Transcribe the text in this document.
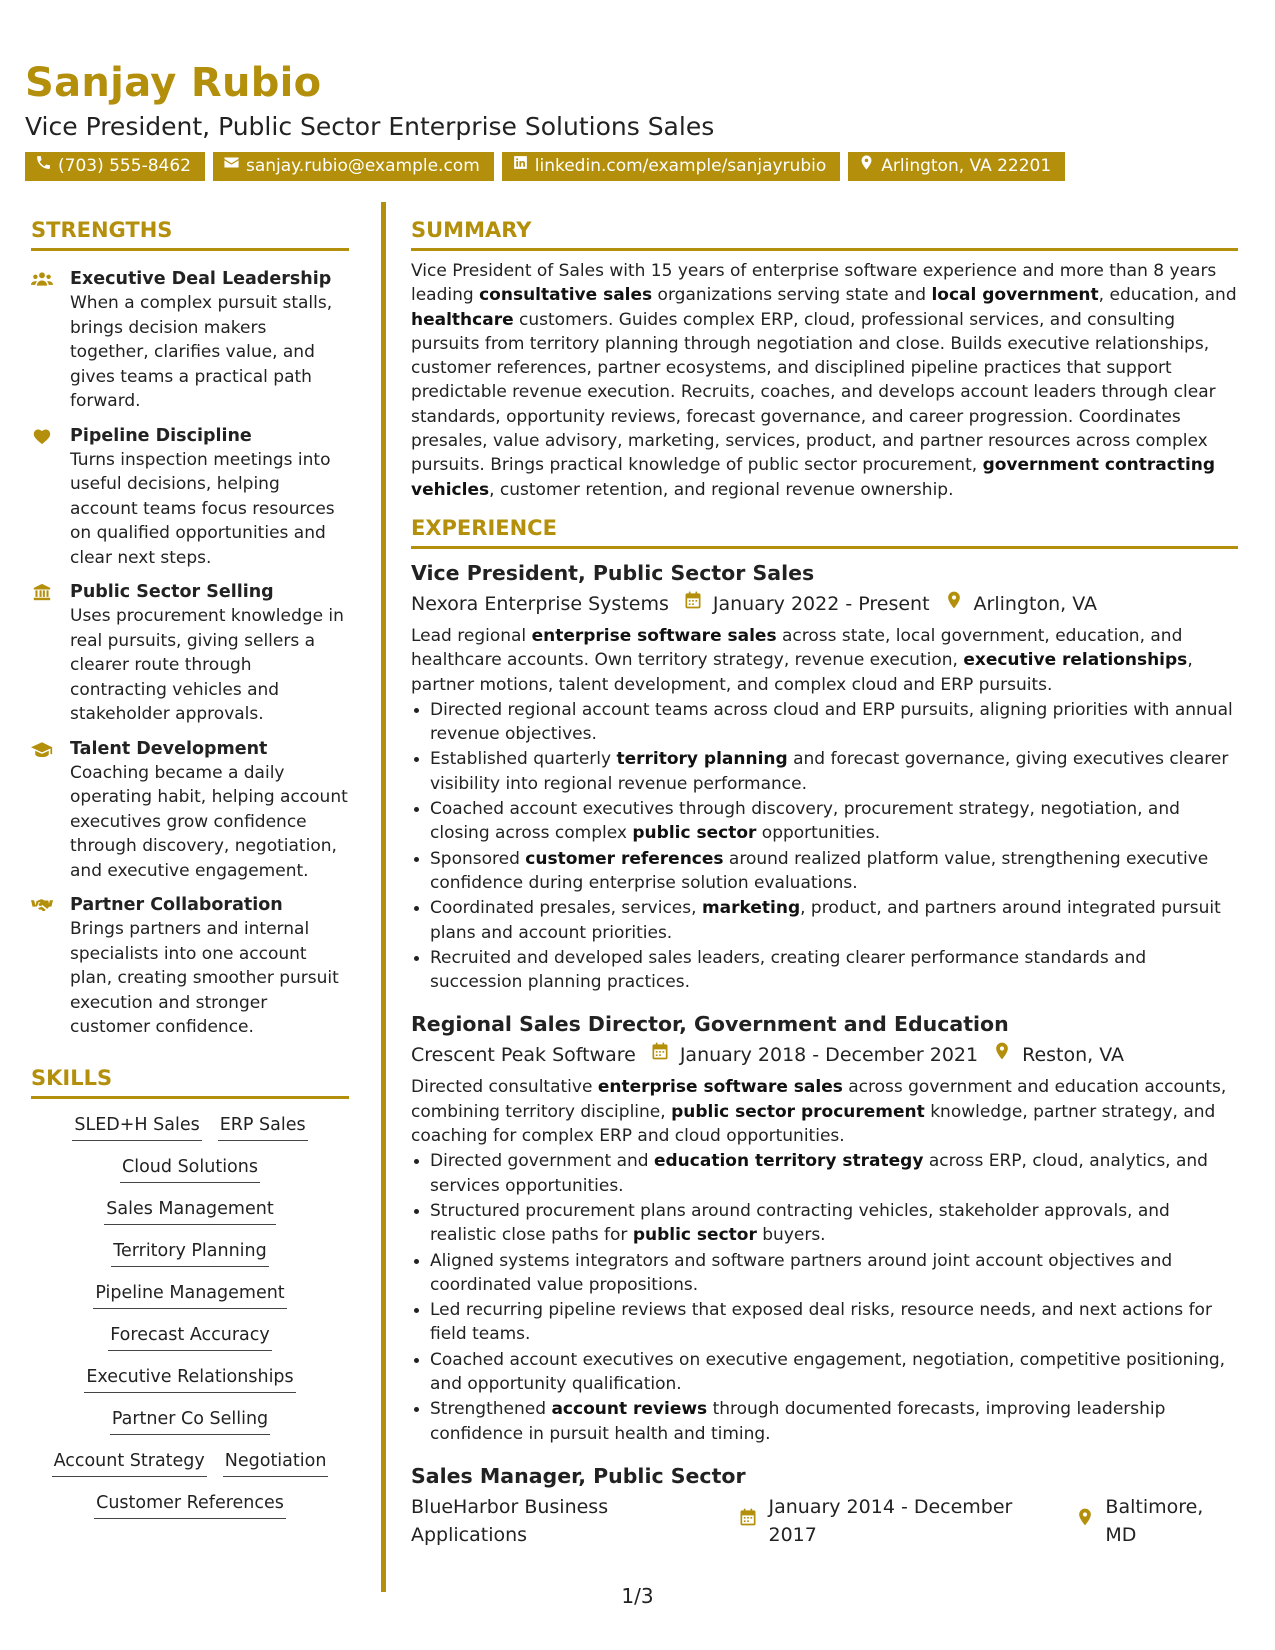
Sanjay Rubio
Vice President, Public Sector Enterprise Solutions Sales
(703) 555-8462	sanjay.rubio@example.com	linkedin.com/example/sanjayrubio	Arlington, VA 22201
STRENGTHS
Executive Deal Leadership
When a complex pursuit stalls, brings decision makers together, clarifies value, and gives teams a practical path forward.
Pipeline Discipline
Turns inspection meetings into useful decisions, helping account teams focus resources on qualified opportunities and clear next steps.
Public Sector Selling
Uses procurement knowledge in real pursuits, giving sellers a clearer route through contracting vehicles and stakeholder approvals.
Talent Development
Coaching became a daily operating habit, helping account executives grow confidence through discovery, negotiation, and executive engagement.
Partner Collaboration
Brings partners and internal specialists into one account plan, creating smoother pursuit execution and stronger customer confidence.
SKILLS
SLED+H Sales ERP Sales
Cloud Solutions
Sales Management
Territory Planning
Pipeline Management
Forecast Accuracy
Executive Relationships
Partner Co Selling
Account Strategy Negotiation
Customer References
SUMMARY
Vice President of Sales with 15 years of enterprise software experience and more than 8 years leading consultative sales organizations serving state and local government, education, and healthcare customers. Guides complex ERP, cloud, professional services, and consulting pursuits from territory planning through negotiation and close. Builds executive relationships, customer references, partner ecosystems, and disciplined pipeline practices that support predictable revenue execution. Recruits, coaches, and develops account leaders through clear standards, opportunity reviews, forecast governance, and career progression. Coordinates presales, value advisory, marketing, services, product, and partner resources across complex pursuits. Brings practical knowledge of public sector procurement, government contracting vehicles, customer retention, and regional revenue ownership.
EXPERIENCE
Vice President, Public Sector Sales
Nexora Enterprise Systems January 2022 - Present Arlington, VA
Lead regional enterprise software sales across state, local government, education, and healthcare accounts. Own territory strategy, revenue execution, executive relationships, partner motions, talent development, and complex cloud and ERP pursuits.
Directed regional account teams across cloud and ERP pursuits, aligning priorities with annual revenue objectives.
Established quarterly territory planning and forecast governance, giving executives clearer visibility into regional revenue performance.
Coached account executives through discovery, procurement strategy, negotiation, and closing across complex public sector opportunities.
Sponsored customer references around realized platform value, strengthening executive confidence during enterprise solution evaluations.
Coordinated presales, services, marketing, product, and partners around integrated pursuit plans and account priorities.
Recruited and developed sales leaders, creating clearer performance standards and succession planning practices.
Regional Sales Director, Government and Education
Crescent Peak Software January 2018 - December 2021 Reston, VA
Directed consultative enterprise software sales across government and education accounts, combining territory discipline, public sector procurement knowledge, partner strategy, and coaching for complex ERP and cloud opportunities.
Directed government and education territory strategy across ERP, cloud, analytics, and services opportunities.
Structured procurement plans around contracting vehicles, stakeholder approvals, and realistic close paths for public sector buyers.
Aligned systems integrators and software partners around joint account objectives and coordinated value propositions.
Led recurring pipeline reviews that exposed deal risks, resource needs, and next actions for field teams.
Coached account executives on executive engagement, negotiation, competitive positioning, and opportunity qualification.
Strengthened account reviews through documented forecasts, improving leadership confidence in pursuit health and timing.
Sales Manager, Public Sector
BlueHarbor Business Applications
January 2014 - December 2017
Baltimore, MD
1/3
